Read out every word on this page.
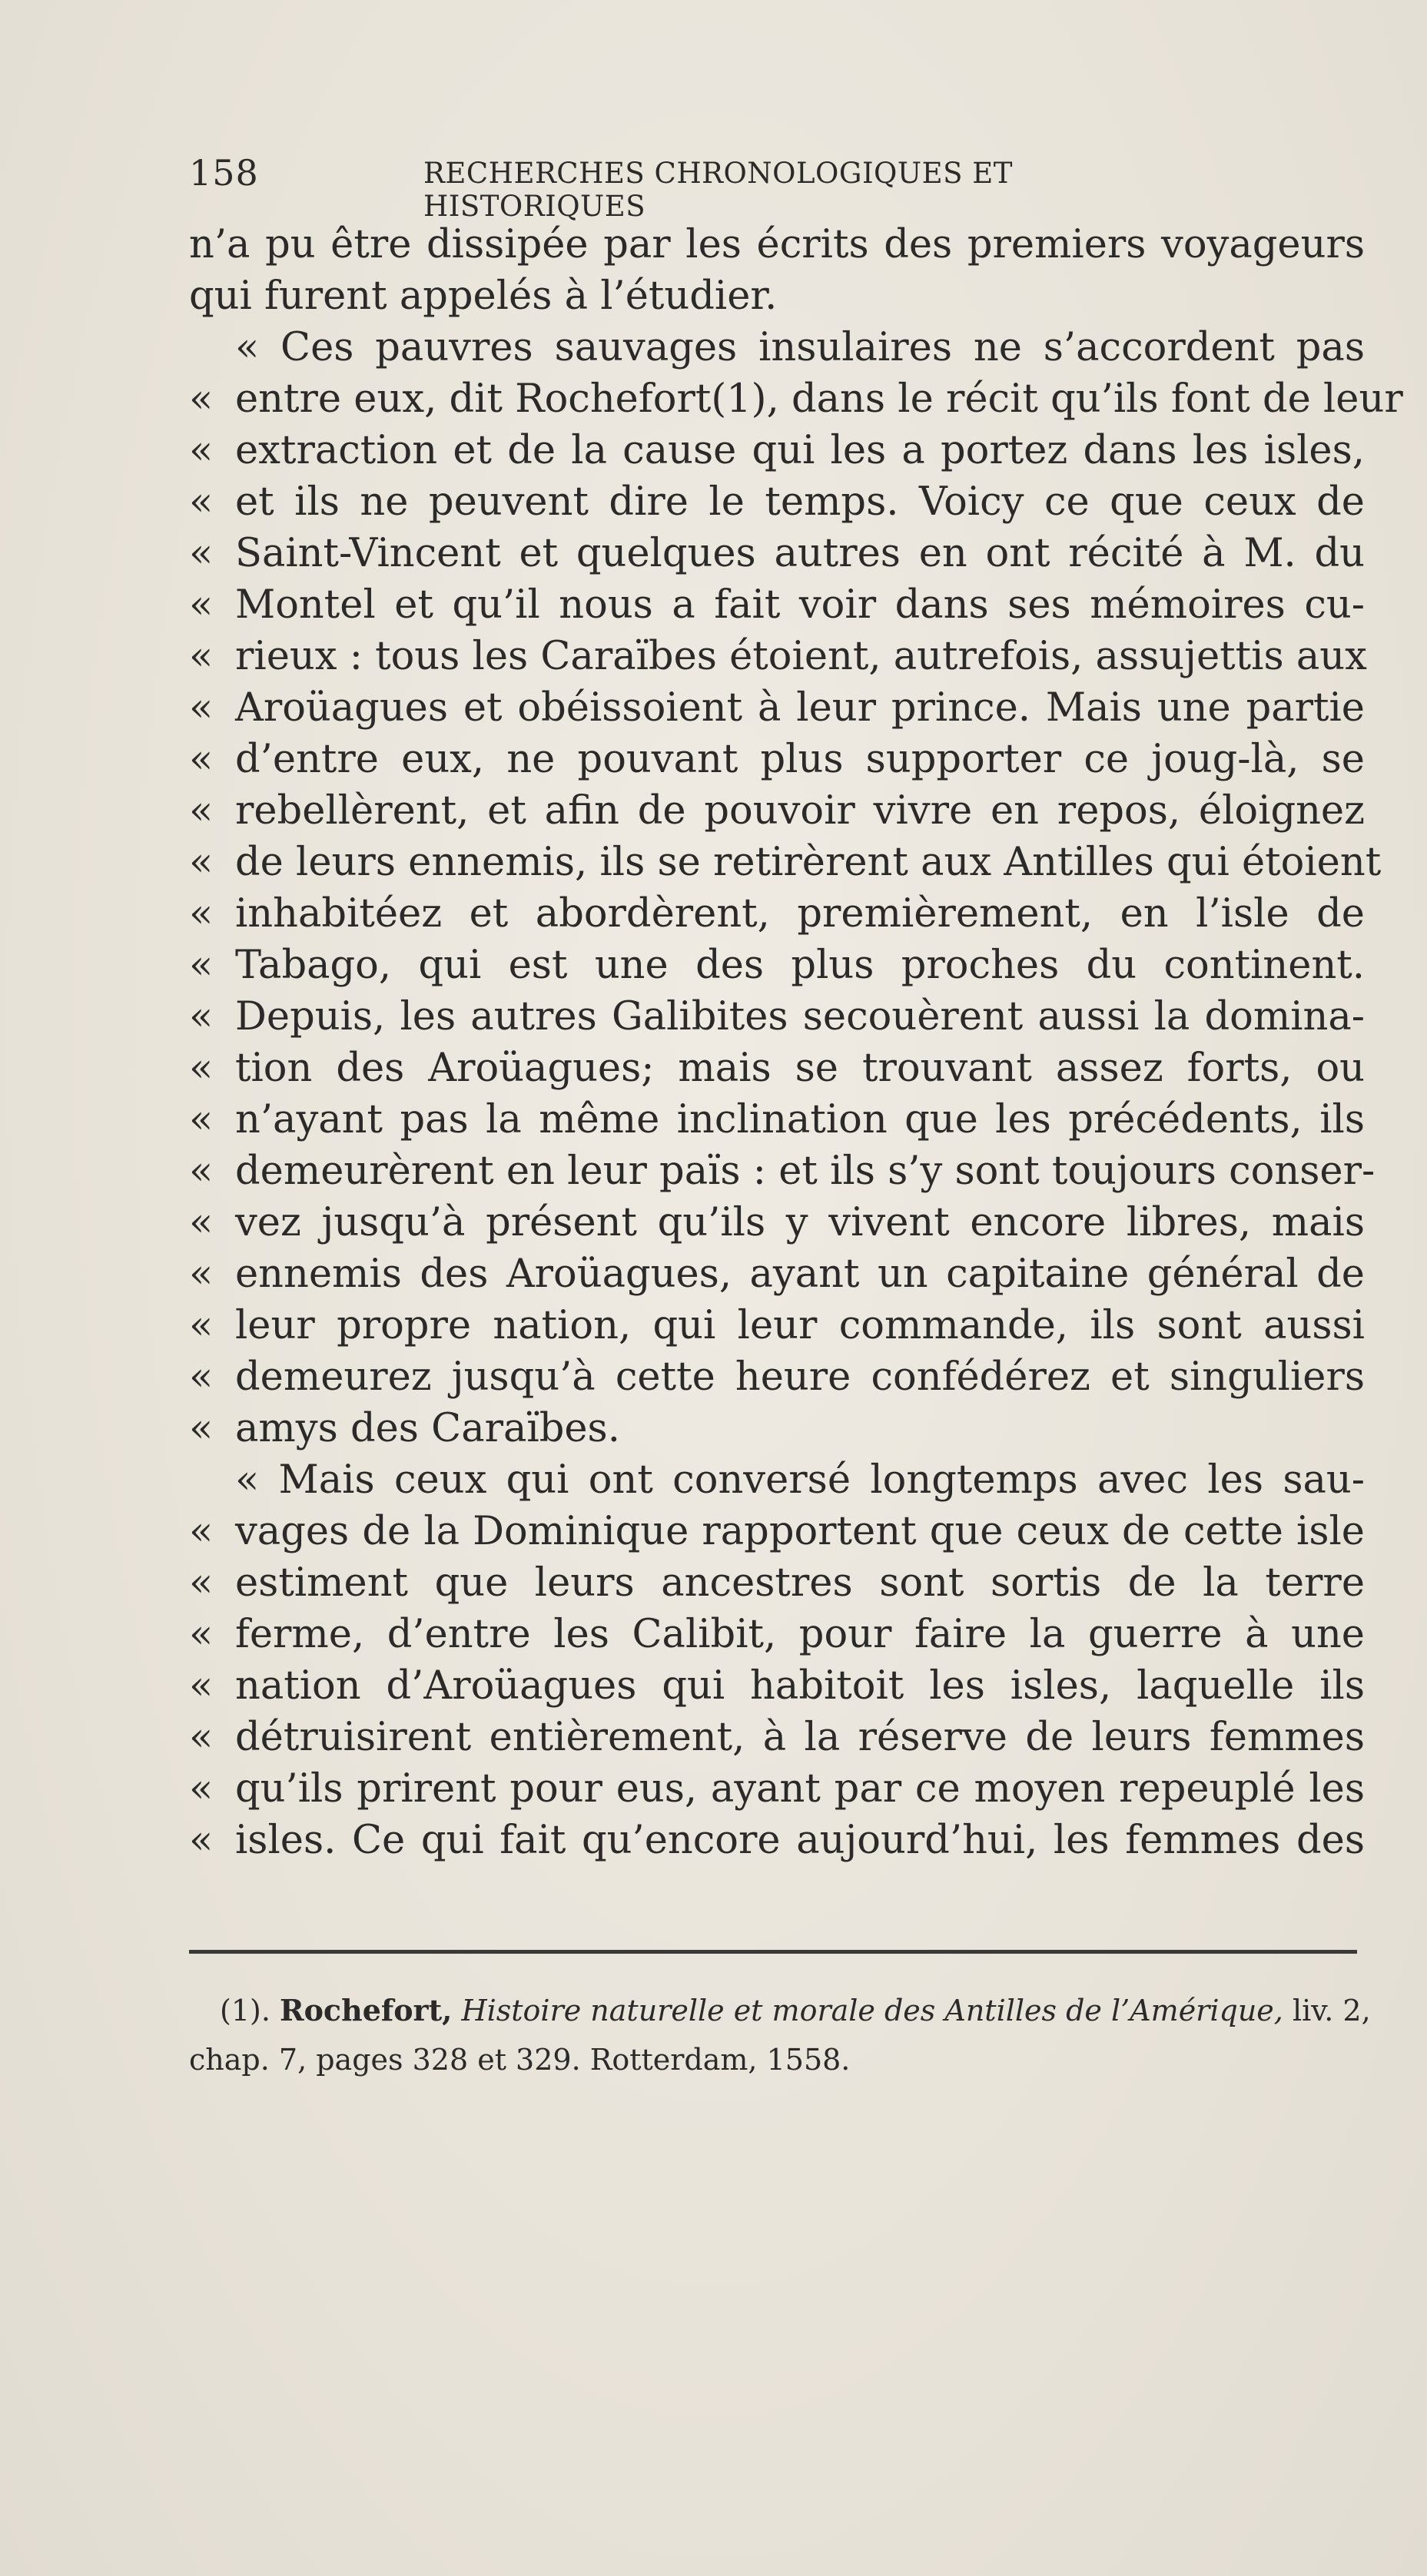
158	RECHERCHES CHRONOLOGIQUES ET HISTORIQUES
n’a pu être dissipée par les écrits des premiers voyageurs
qui furent appelés à l’étudier.
« Ces pauvres sauvages insulaires ne s’accordent pas
« entre eux, dit Rochefort(1), dans le récit qu’ils font de leur
« extraction et de la cause qui les a portez dans les isles,
« et ils ne peuvent dire le temps. Voicy ce que ceux de
« Saint-Vincent et quelques autres en ont récité à M. du
« Montel et qu’il nous a fait voir dans ses mémoires cu-
« rieux : tous les Caraïbes étoient, autrefois, assujettis aux
« Aroüagues et obéissoient à leur prince. Mais une partie
« d’entre eux, ne pouvant plus supporter ce joug-là, se
« rebellèrent, et afin de pouvoir vivre en repos, éloignez
« de leurs ennemis, ils se retirèrent aux Antilles qui étoient
« inhabitéez et abordèrent, premièrement, en l’isle de
« Tabago, qui est une des plus proches du continent.
« Depuis, les autres Galibites secouèrent aussi la domina-
« tion des Aroüagues; mais se trouvant assez forts, ou
« n’ayant pas la même inclination que les précédents, ils
« demeurèrent en leur païs : et ils s’y sont toujours conser-
« vez jusqu’à présent qu’ils y vivent encore libres, mais
« ennemis des Aroüagues, ayant un capitaine général de
« leur propre nation, qui leur commande, ils sont aussi
« demeurez jusqu’à cette heure confédérez et singuliers
« amys des Caraïbes.
« Mais ceux qui ont conversé longtemps avec les sau-
« vages de la Dominique rapportent que ceux de cette isle
« estiment que leurs ancestres sont sortis de la terre
« ferme, d’entre les Calibit, pour faire la guerre à une
« nation d’Aroüagues qui habitoit les isles, laquelle ils
« détruisirent entièrement, à la réserve de leurs femmes
« qu’ils prirent pour eus, ayant par ce moyen repeuplé les
« isles. Ce qui fait qu’encore aujourd’hui, les femmes des
(1). Rochefort, Histoire naturelle et morale des Antilles de l’Amérique, liv. 2,
chap. 7, pages 328 et 329. Rotterdam, 1558.
